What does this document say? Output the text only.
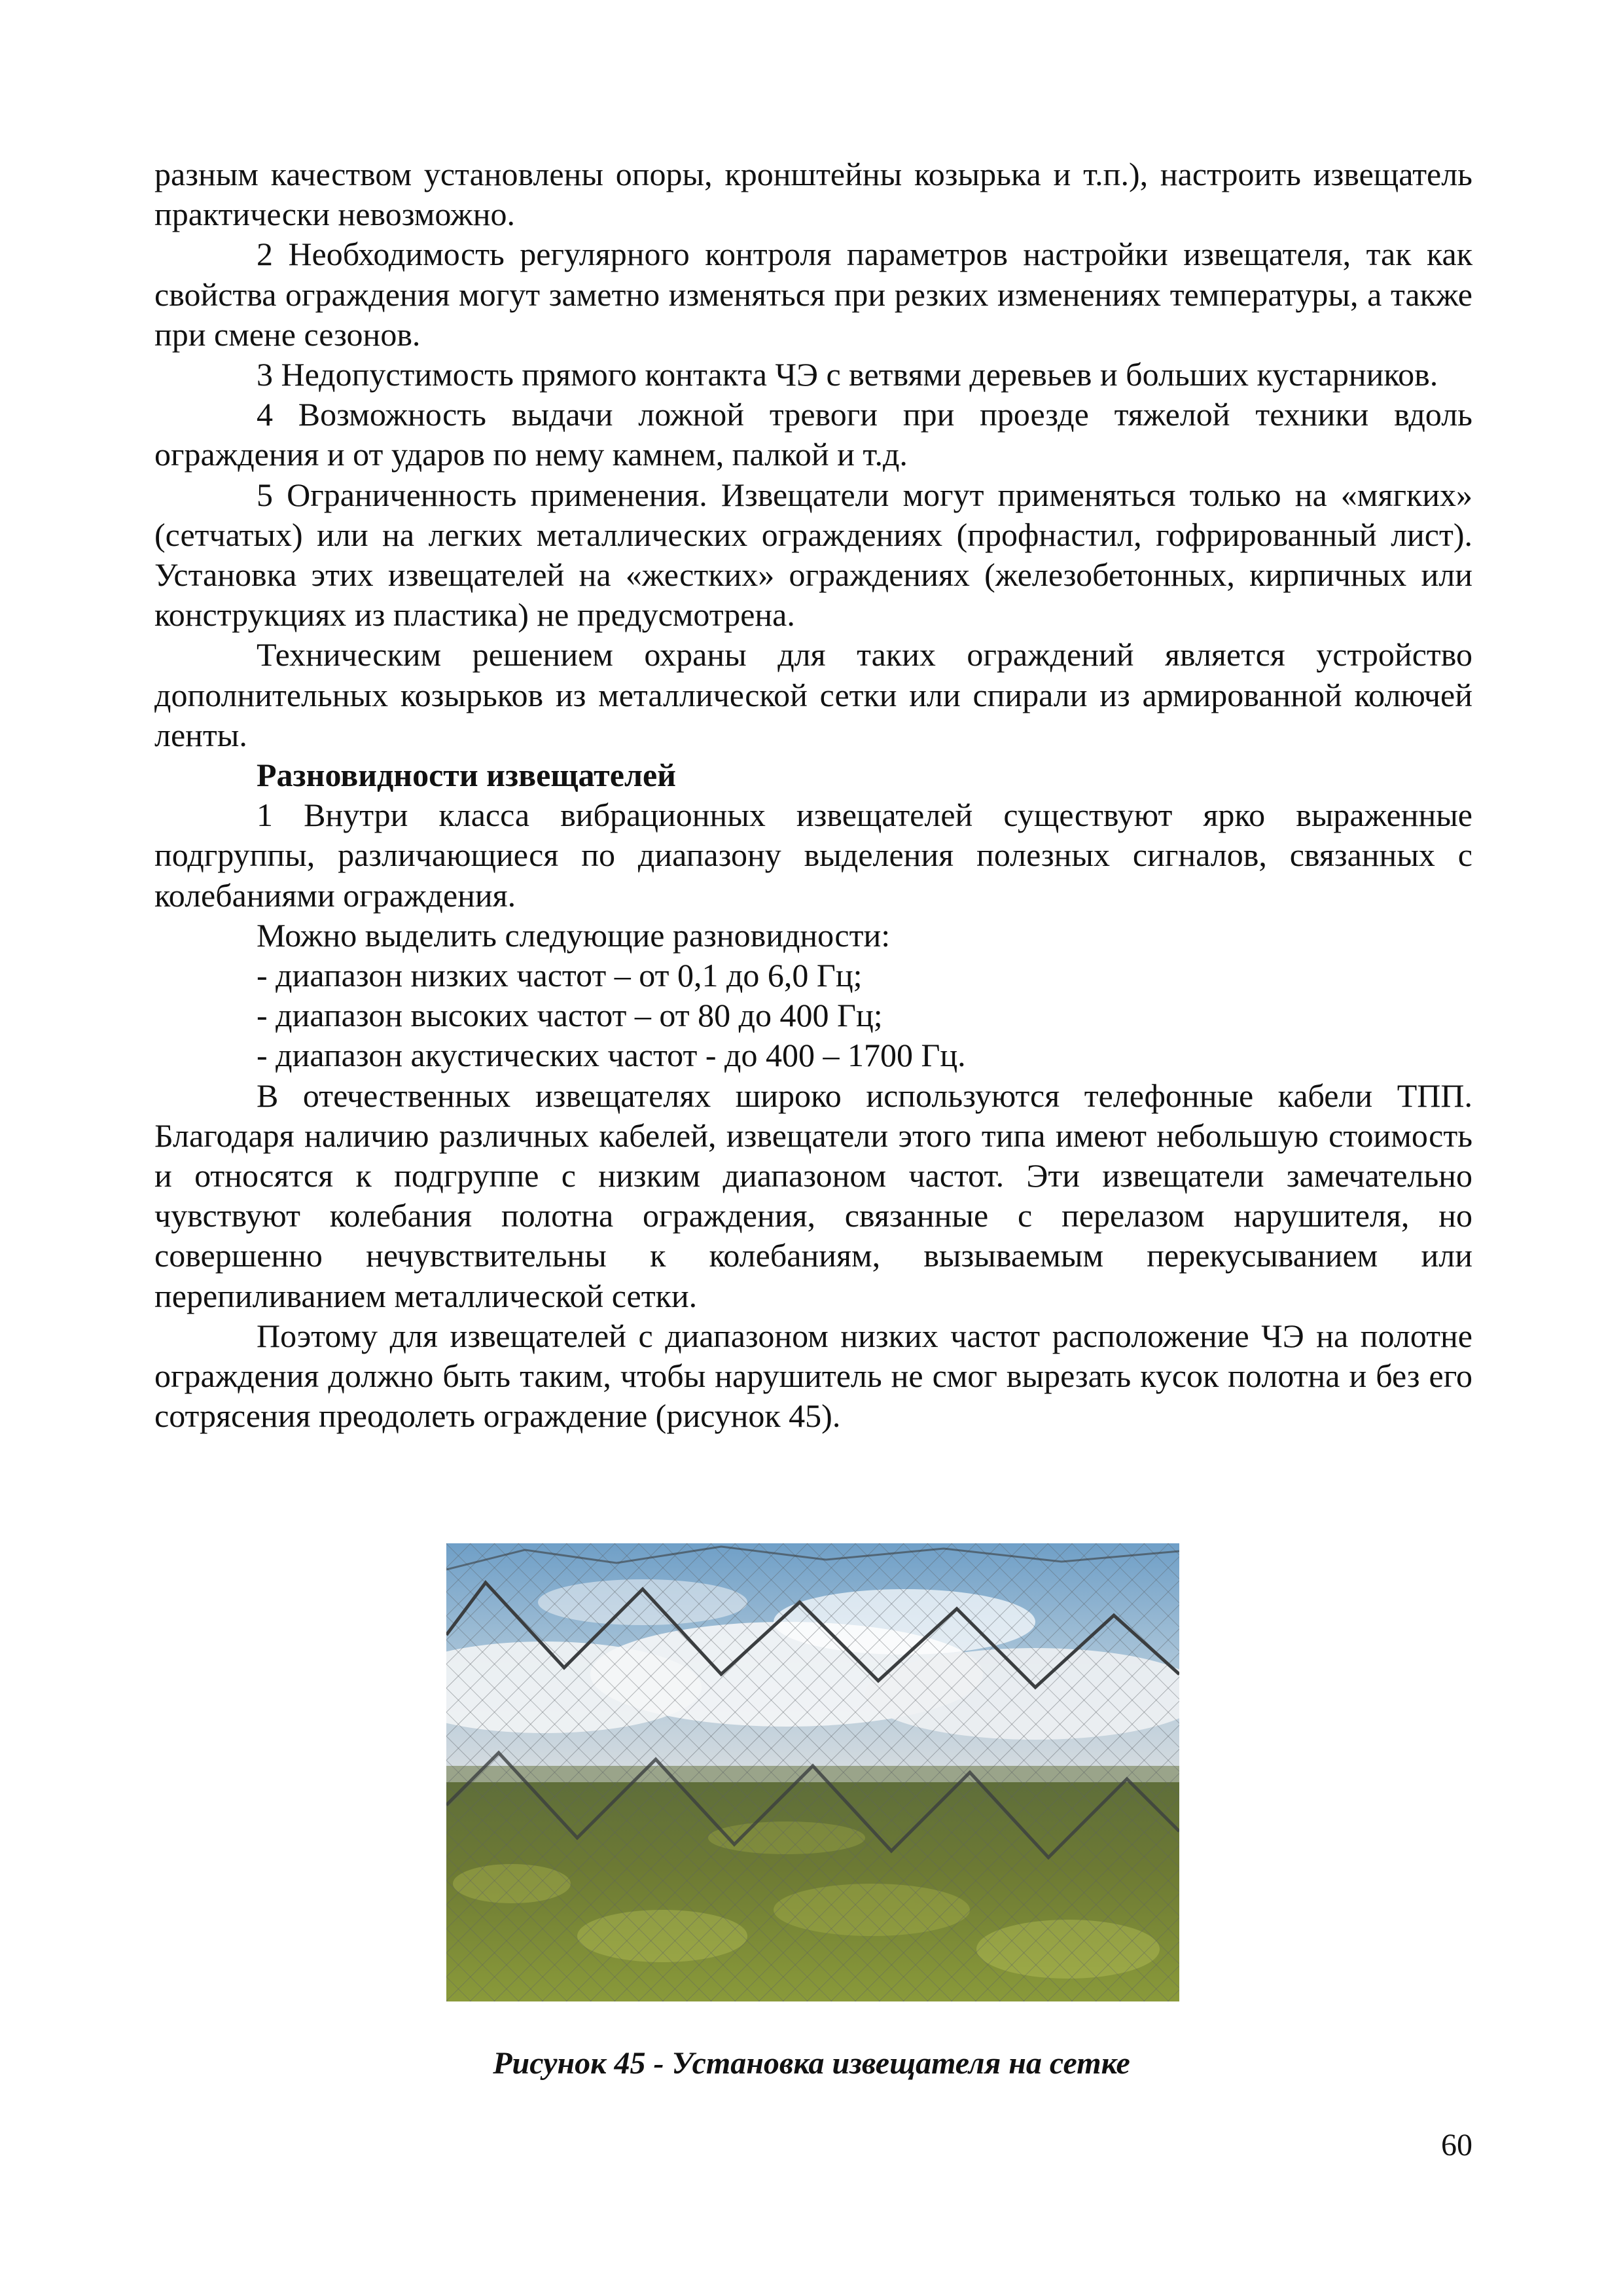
разным качеством установлены опоры, кронштейны козырька и т.п.), настроить извещатель практически невозможно.

2 Необходимость регулярного контроля параметров настройки извещателя, так как свойства ограждения могут заметно изменяться при резких изменениях температуры, а также при смене сезонов.

3 Недопустимость прямого контакта ЧЭ с ветвями деревьев и больших кустарников.

4 Возможность выдачи ложной тревоги при проезде тяжелой техники вдоль ограждения и от ударов по нему камнем, палкой и т.д.

5 Ограниченность применения. Извещатели могут применяться только на «мягких» (сетчатых) или на легких металлических ограждениях (профнастил, гофрированный лист). Установка этих извещателей на «жестких» ограждениях (железобетонных, кирпичных или конструкциях из пластика) не предусмотрена.

Техническим решением охраны для таких ограждений является устройство дополнительных козырьков из металлической сетки или спирали из армированной колючей ленты.

Разновидности извещателей

1 Внутри класса вибрационных извещателей существуют ярко выраженные подгруппы, различающиеся по диапазону выделения полезных сигналов, связанных с колебаниями ограждения.

Можно выделить следующие разновидности:

- диапазон низких частот – от 0,1 до 6,0 Гц;

- диапазон высоких частот – от 80 до 400 Гц;

- диапазон акустических частот - до 400 – 1700 Гц.

В отечественных извещателях широко используются телефонные кабели ТПП. Благодаря наличию различных кабелей, извещатели этого типа имеют небольшую стоимость и относятся к подгруппе с низким диапазоном частот. Эти извещатели замечательно чувствуют колебания полотна ограждения, связанные с перелазом нарушителя, но совершенно нечувствительны к колебаниям, вызываемым перекусыванием или перепиливанием металлической сетки.

Поэтому для извещателей с диапазоном низких частот расположение ЧЭ на полотне ограждения должно быть таким, чтобы нарушитель не смог вырезать кусок полотна и без его сотрясения преодолеть ограждение (рисунок 45).

Рисунок 45 - Установка извещателя на сетке
60
